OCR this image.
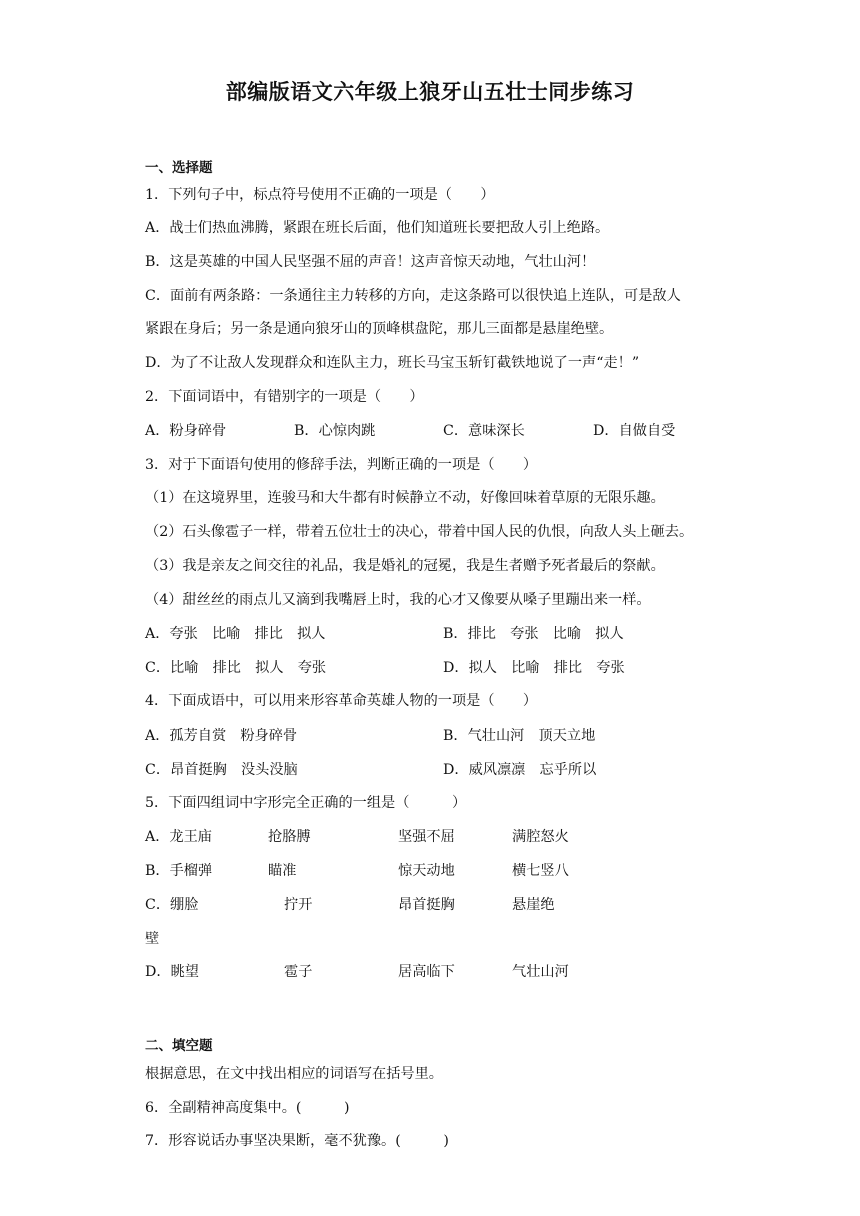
部编版语文六年级上狼牙山五壮士同步练习
一、选择题
1．下列句子中，标点符号使用不正确的一项是（　　）
A．战士们热血沸腾，紧跟在班长后面，他们知道班长要把敌人引上绝路。
B．这是英雄的中国人民坚强不屈的声音！这声音惊天动地，气壮山河！
C．面前有两条路：一条通往主力转移的方向，走这条路可以很快追上连队，可是敌人
紧跟在身后；另一条是通向狼牙山的顶峰棋盘陀，那儿三面都是悬崖绝壁。
D．为了不让敌人发现群众和连队主力，班长马宝玉斩钉截铁地说了一声“走！”
2．下面词语中，有错别字的一项是（　　）
A．粉身碎骨	B．心惊肉跳	C．意味深长	D．自做自受
3．对于下面语句使用的修辞手法，判断正确的一项是（　　）
（1）在这境界里，连骏马和大牛都有时候静立不动，好像回味着草原的无限乐趣。
（2）石头像雹子一样，带着五位壮士的决心，带着中国人民的仇恨，向敌人头上砸去。
（3）我是亲友之间交往的礼品，我是婚礼的冠冕，我是生者赠予死者最后的祭献。
（4）甜丝丝的雨点儿又滴到我嘴唇上时，我的心才又像要从嗓子里蹦出来一样。
A．夸张　比喻　排比　拟人	B．排比　夸张　比喻　拟人
C．比喻　排比　拟人　夸张	D．拟人　比喻　排比　夸张
4．下面成语中，可以用来形容革命英雄人物的一项是（　　）
A．孤芳自赏　粉身碎骨	B．气壮山河　顶天立地
C．昂首挺胸　没头没脑	D．威风凛凛　忘乎所以
5．下面四组词中字形完全正确的一组是（　　　）
A．龙王庙	抢胳膊	坚强不屈	满腔怒火
B．手榴弹	瞄准	惊天动地	横七竖八
C．绷脸	拧开	昂首挺胸	悬崖绝
壁
D．眺望	雹子	居高临下	气壮山河
二、填空题
根据意思，在文中找出相应的词语写在括号里。
6．全副精神高度集中。(　　　)
7．形容说话办事坚决果断，毫不犹豫。(　　　)
